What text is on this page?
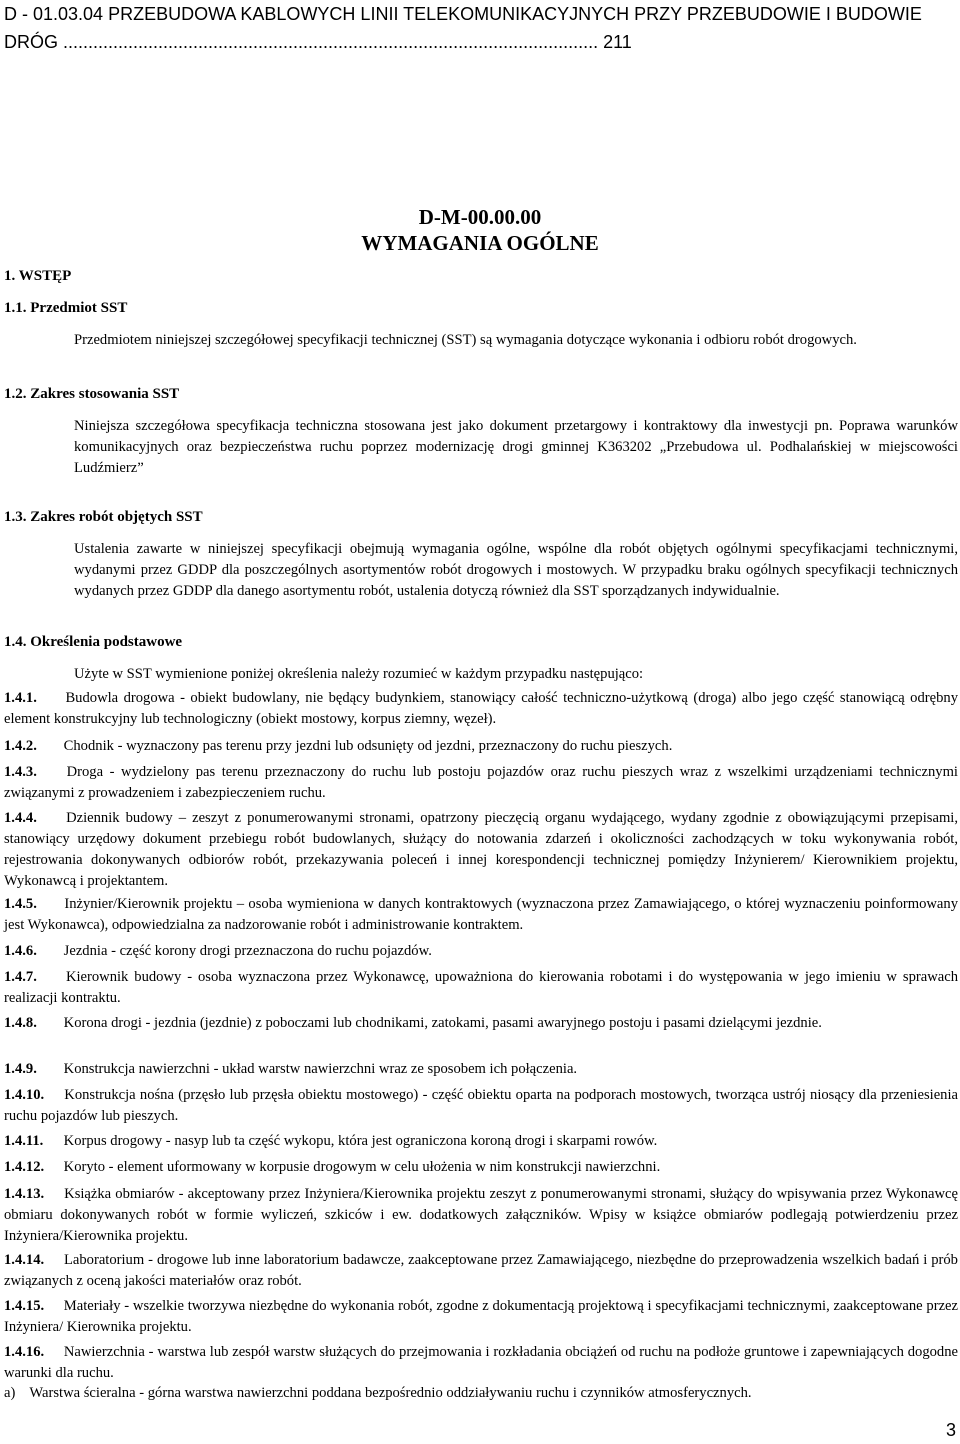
D - 01.03.04 PRZEBUDOWA KABLOWYCH LINII TELEKOMUNIKACYJNYCH PRZY PRZEBUDOWIE I BUDOWIE DRÓG ........................................................................................................... 211
D-M-00.00.00
WYMAGANIA OGÓLNE
1. WSTĘP
1.1. Przedmiot SST
Przedmiotem niniejszej szczegółowej specyfikacji technicznej (SST) są wymagania dotyczące wykonania i odbioru robót drogowych.
1.2. Zakres stosowania SST
Niniejsza szczegółowa specyfikacja techniczna stosowana jest jako dokument przetargowy i kontraktowy dla inwestycji pn. Poprawa warunków komunikacyjnych oraz bezpieczeństwa ruchu poprzez modernizację drogi gminnej K363202 „Przebudowa ul. Podhalańskiej w miejscowości Ludźmierz”
1.3. Zakres robót objętych SST
Ustalenia zawarte w niniejszej specyfikacji obejmują wymagania ogólne, wspólne dla robót objętych ogólnymi specyfikacjami technicznymi, wydanymi przez GDDP dla poszczególnych asortymentów robót drogowych i mostowych. W przypadku braku ogólnych specyfikacji technicznych wydanych przez GDDP dla danego asortymentu robót, ustalenia dotyczą również dla SST sporządzanych indywidualnie.
1.4. Określenia podstawowe
Użyte w SST wymienione poniżej określenia należy rozumieć w każdym przypadku następująco:
1.4.1. Budowla drogowa - obiekt budowlany, nie będący budynkiem, stanowiący całość techniczno-użytkową (droga) albo jego część stanowiącą odrębny element konstrukcyjny lub technologiczny (obiekt mostowy, korpus ziemny, węzeł).
1.4.2. Chodnik - wyznaczony pas terenu przy jezdni lub odsunięty od jezdni, przeznaczony do ruchu pieszych.
1.4.3. Droga - wydzielony pas terenu przeznaczony do ruchu lub postoju pojazdów oraz ruchu pieszych wraz z wszelkimi urządzeniami technicznymi związanymi z prowadzeniem i zabezpieczeniem ruchu.
1.4.4. Dziennik budowy – zeszyt z ponumerowanymi stronami, opatrzony pieczęcią organu wydającego, wydany zgodnie z obowiązującymi przepisami, stanowiący urzędowy dokument przebiegu robót budowlanych, służący do notowania zdarzeń i okoliczności zachodzących w toku wykonywania robót, rejestrowania dokonywanych odbiorów robót, przekazywania poleceń i innej korespondencji technicznej pomiędzy Inżynierem/ Kierownikiem projektu, Wykonawcą i projektantem.
1.4.5. Inżynier/Kierownik projektu – osoba wymieniona w danych kontraktowych (wyznaczona przez Zamawiającego, o której wyznaczeniu poinformowany jest Wykonawca), odpowiedzialna za nadzorowanie robót i administrowanie kontraktem.
1.4.6. Jezdnia - część korony drogi przeznaczona do ruchu pojazdów.
1.4.7. Kierownik budowy - osoba wyznaczona przez Wykonawcę, upoważniona do kierowania robotami i do występowania w jego imieniu w sprawach realizacji kontraktu.
1.4.8. Korona drogi - jezdnia (jezdnie) z poboczami lub chodnikami, zatokami, pasami awaryjnego postoju i pasami dzielącymi jezdnie.
1.4.9. Konstrukcja nawierzchni - układ warstw nawierzchni wraz ze sposobem ich połączenia.
1.4.10. Konstrukcja nośna (przęsło lub przęsła obiektu mostowego) - część obiektu oparta na podporach mostowych, tworząca ustrój niosący dla przeniesienia ruchu pojazdów lub pieszych.
1.4.11. Korpus drogowy - nasyp lub ta część wykopu, która jest ograniczona koroną drogi i skarpami rowów.
1.4.12. Koryto - element uformowany w korpusie drogowym w celu ułożenia w nim konstrukcji nawierzchni.
1.4.13. Książka obmiarów - akceptowany przez Inżyniera/Kierownika projektu zeszyt z ponumerowanymi stronami, służący do wpisywania przez Wykonawcę obmiaru dokonywanych robót w formie wyliczeń, szkiców i ew. dodatkowych załączników. Wpisy w książce obmiarów podlegają potwierdzeniu przez Inżyniera/Kierownika projektu.
1.4.14. Laboratorium - drogowe lub inne laboratorium badawcze, zaakceptowane przez Zamawiającego, niezbędne do przeprowadzenia wszelkich badań i prób związanych z oceną jakości materiałów oraz robót.
1.4.15. Materiały - wszelkie tworzywa niezbędne do wykonania robót, zgodne z dokumentacją projektową i specyfikacjami technicznymi, zaakceptowane przez Inżyniera/ Kierownika projektu.
1.4.16. Nawierzchnia - warstwa lub zespół warstw służących do przejmowania i rozkładania obciążeń od ruchu na podłoże gruntowe i zapewniających dogodne warunki dla ruchu.
a) Warstwa ścieralna - górna warstwa nawierzchni poddana bezpośrednio oddziaływaniu ruchu i czynników atmosferycznych.
3
